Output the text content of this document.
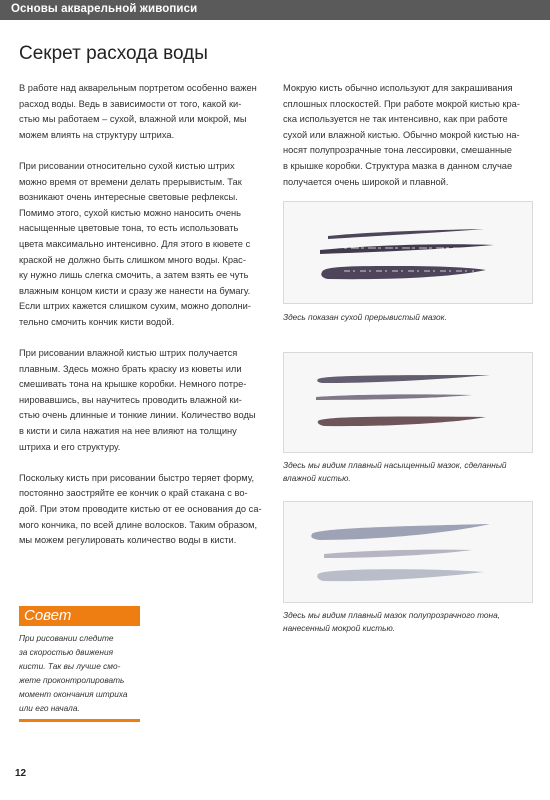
Основы акварельной живописи
Секрет расхода воды

В работе над акварельным портретом особенно важен
расход воды. Ведь в зависимости от того, какой ки-
стью мы работаем – сухой, влажной или мокрой, мы
можем влиять на структуру штриха.

При рисовании относительно сухой кистью штрих
можно время от времени делать прерывистым. Так
возникают очень интересные световые рефлексы.
Помимо этого, сухой кистью можно наносить очень
насыщенные цветовые тона, то есть использовать
цвета максимально интенсивно. Для этого в кювете с
краской не должно быть слишком много воды. Крас-
ку нужно лишь слегка смочить, а затем взять ее чуть
влажным концом кисти и сразу же нанести на бумагу.
Если штрих кажется слишком сухим, можно дополни-
тельно смочить кончик кисти водой.

При рисовании влажной кистью штрих получается
плавным. Здесь можно брать краску из кюветы или
смешивать тона на крышке коробки. Немного потре-
нировавшись, вы научитесь проводить влажной ки-
стью очень длинные и тонкие линии. Количество воды
в кисти и сила нажатия на нее влияют на толщину
штриха и его структуру.

Поскольку кисть при рисовании быстро теряет форму,
постоянно заостряйте ее кончик о край стакана с во-
дой. При этом проводите кистью от ее основания до са-
мого кончика, по всей длине волосков. Таким образом,
мы можем регулировать количество воды в кисти.

Мокрую кисть обычно используют для закрашивания
сплошных плоскостей. При работе мокрой кистью кра-
ска используется не так интенсивно, как при работе
сухой или влажной кистью. Обычно мокрой кистью на-
носят полупрозрачные тона лессировки, смешанные
в крышке коробки. Структура мазка в данном случае
получается очень широкой и плавной.

Здесь показан сухой прерывистый мазок.
Здесь мы видим плавный насыщенный мазок, сделанный
влажной кистью.
Здесь мы видим плавный мазок полупрозрачного тона,
нанесенный мокрой кистью.
Совет
При рисовании следите
за скоростью движения
кисти. Так вы лучше смо-
жете проконтролировать
момент окончания штриха
или его начала.
12
